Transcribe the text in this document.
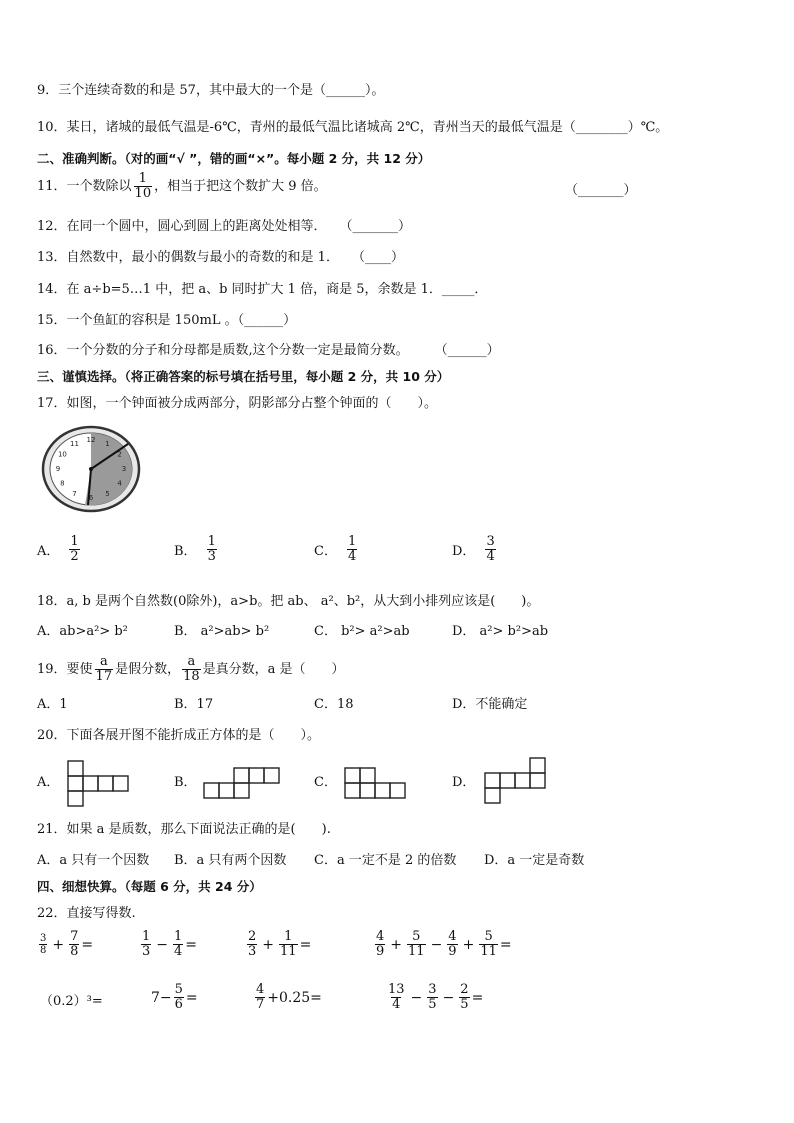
9．三个连续奇数的和是 57，其中最大的一个是（______）。
10．某日，诸城的最低气温是-6℃，青州的最低气温比诸城高 2℃，青州当天的最低气温是（________）℃。
二、准确判断。（对的画“√ ”，错的画“×”。每小题 2 分，共 12 分）
11．一个数除以 $\frac{1}{10}$ ，相当于把这个数扩大 9 倍。	（_______）
12．在同一个圆中，圆心到圆上的距离处处相等．　　（_______）
13．自然数中，最小的偶数与最小的奇数的和是 1．　　（____）
14．在 a÷b=5…1 中，把 a、b 同时扩大 1 倍，商是 5，余数是 1．_____．
15．一个鱼缸的容积是 150mL 。（______）
16．一个分数的分子和分母都是质数,这个分数一定是最简分数。　　　（______）
三、谨慎选择。（将正确答案的标号填在括号里，每小题 2 分，共 10 分）
17．如图，一个钟面被分成两部分，阴影部分占整个钟面的（　　）。
12 1
2
3
4
5
6
7
8
9
10
11
A． $\frac{1}{2}$	B． $\frac{1}{3}$	C． $\frac{1}{4}$	D． $\frac{3}{4}$
18．a, b 是两个自然数(0除外)，a>b。把 ab、 a²、b²，从大到小排列应该是(　　)。
A．ab>a²> b²	B． a²>ab> b²	C． b²> a²>ab	D． a²> b²>ab
19．要使 $\frac{a}{17}$ 是假分数， $\frac{a}{18}$ 是真分数，a 是（　　）
A．1	B．17	C．18	D．不能确定
20．下面各展开图不能折成正方体的是（　　）。
A．	B．	C．	D．
21．如果 a 是质数，那么下面说法正确的是(　　).
A．a 只有一个因数 B．a 只有两个因数 C．a 一定不是 2 的倍数 D．a 一定是奇数
四、细想快算。（每题 6 分，共 24 分）
22．直接写得数.
$\frac{3}{8} + \frac{7}{8}$ =	$\frac{1}{3} - \frac{1}{4}$ =	$\frac{2}{3} + \frac{1}{11}$ =	$\frac{4}{9} + \frac{5}{11} - \frac{4}{9} + \frac{5}{11}$ =
（0.2）³=	$7- \frac{5}{6}$ =	$\frac{4}{7} +0.25=$	$\frac{13}{4} - \frac{3}{5} - \frac{2}{5}$ =
